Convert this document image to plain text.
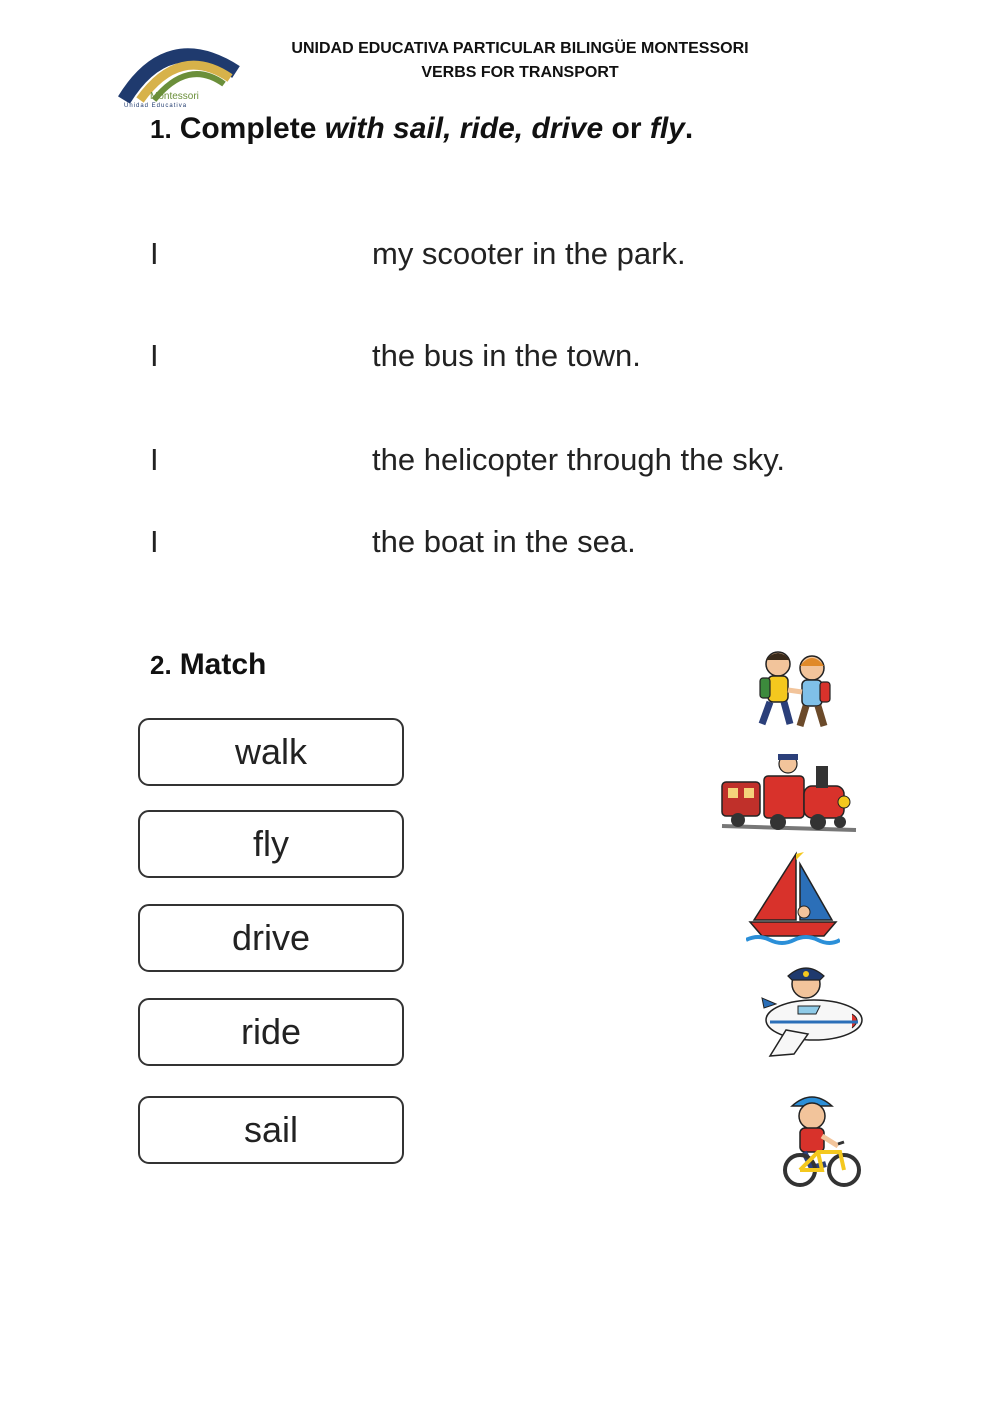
Montessori
Unidad Educativa
UNIDAD EDUCATIVA PARTICULAR BILINGÜE MONTESSORI
VERBS FOR TRANSPORT
1. Complete with sail, ride, drive or fly.
I	my scooter in the park.
I	the bus in the town.
I	the helicopter through the sky.
I	the boat in the sea.
2. Match
walk
fly
drive
ride
sail
